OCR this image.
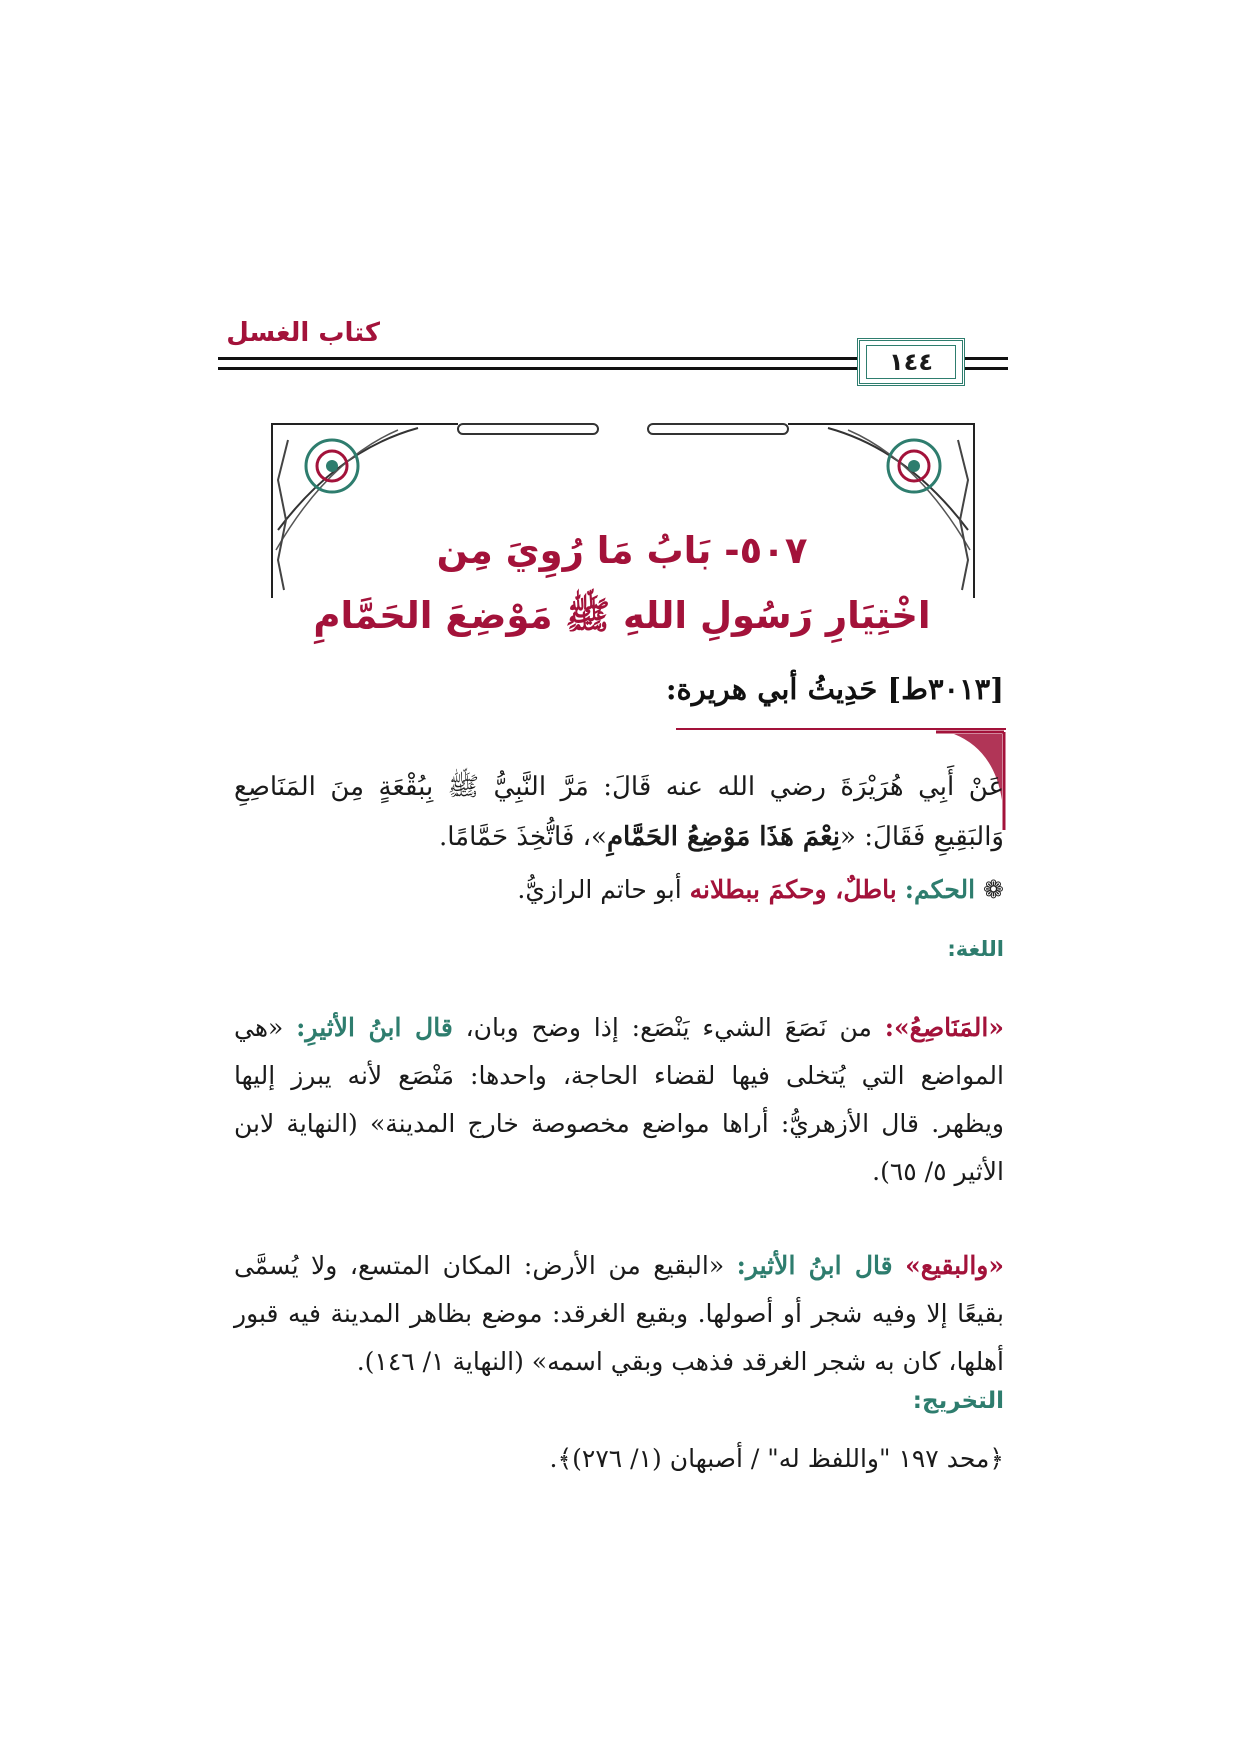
كتاب الغسل
١٤٤
٥٠٧- بَابُ مَا رُوِيَ مِن
اخْتِيَارِ رَسُولِ اللهِ ﷺ مَوْضِعَ الحَمَّامِ
[٣٠١٣ط] حَدِيثُ أبي هريرة:
عَنْ أَبِي هُرَيْرَةَ رضي الله عنه قَالَ: مَرَّ النَّبِيُّ ﷺ بِبُقْعَةٍ مِنَ المَنَاصِعِ وَالبَقِيعِ فَقَالَ: «نِعْمَ هَذَا مَوْضِعُ الحَمَّامِ»، فَاتُّخِذَ حَمَّامًا.
❁ الحكم: باطلٌ، وحكمَ ببطلانه أبو حاتم الرازيُّ.
اللغة:
«المَنَاصِعُ»: من نَصَعَ الشيء يَنْصَع: إذا وضح وبان، قال ابنُ الأثيرِ: «هي المواضع التي يُتخلى فيها لقضاء الحاجة، واحدها: مَنْصَع لأنه يبرز إليها ويظهر. قال الأزهريُّ: أراها مواضع مخصوصة خارج المدينة» (النهاية لابن الأثير ٥/ ٦٥).
«والبقيع» قال ابنُ الأثير: «البقيع من الأرض: المكان المتسع، ولا يُسمَّى بقيعًا إلا وفيه شجر أو أصولها. وبقيع الغرقد: موضع بظاهر المدينة فيه قبور أهلها، كان به شجر الغرقد فذهب وبقي اسمه» (النهاية ١/ ١٤٦).
التخريج:
﴿محد ١٩٧ "واللفظ له" / أصبهان (١/ ٢٧٦)﴾.
